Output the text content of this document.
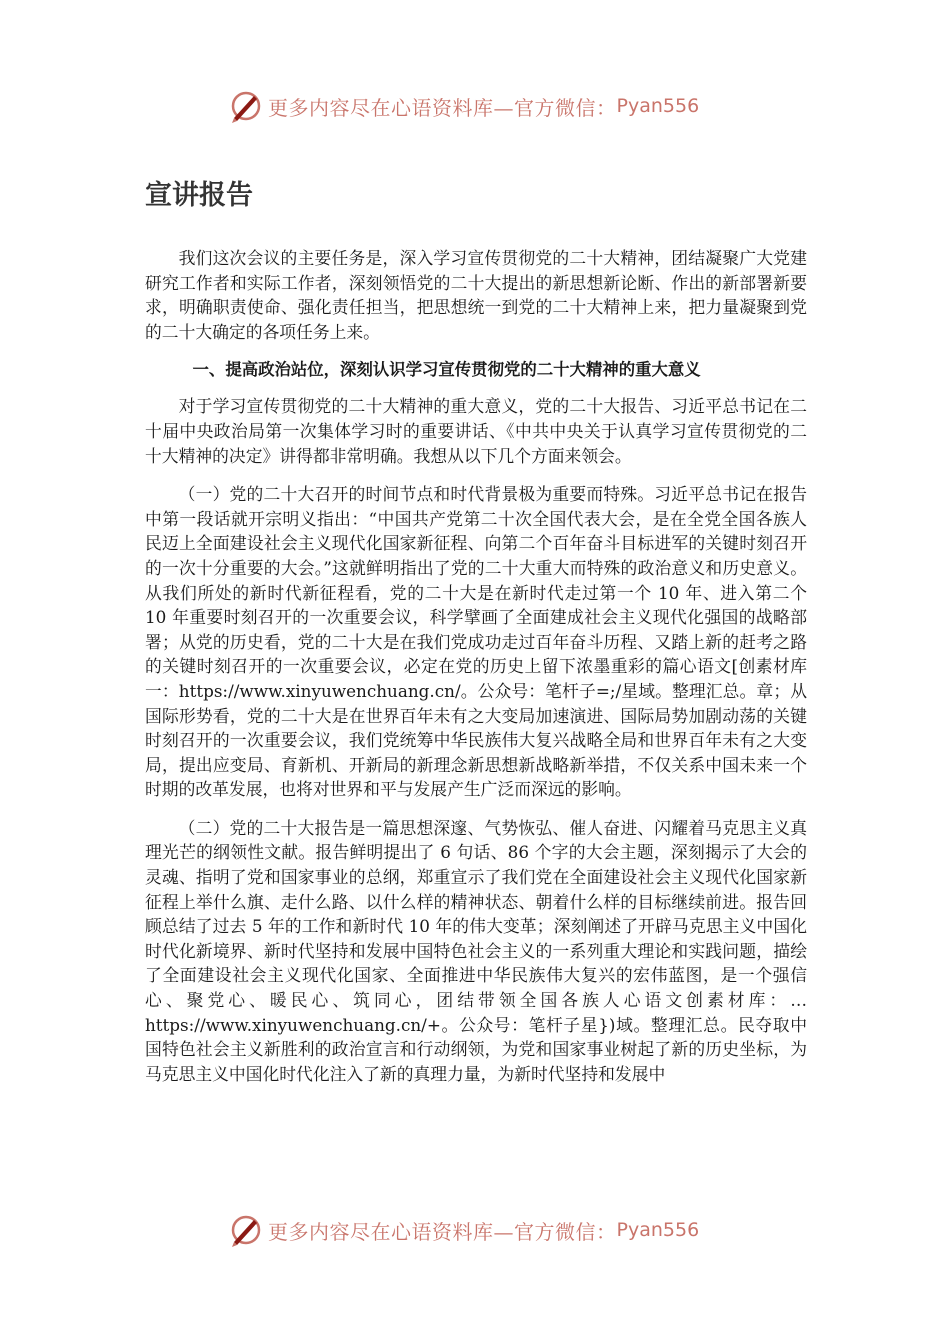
更多内容尽在心语资料库—官方微信： Pyan556
宣讲报告

我们这次会议的主要任务是，深入学习宣传贯彻党的二十大精神，团结凝聚广大党建研究工作者和实际工作者，深刻领悟党的二十大提出的新思想新论断、作出的新部署新要求，明确职责使命、强化责任担当，把思想统一到党的二十大精神上来，把力量凝聚到党的二十大确定的各项任务上来。

一、提高政治站位，深刻认识学习宣传贯彻党的二十大精神的重大意义

对于学习宣传贯彻党的二十大精神的重大意义，党的二十大报告、习近平总书记在二十届中央政治局第一次集体学习时的重要讲话、《中共中央关于认真学习宣传贯彻党的二十大精神的决定》讲得都非常明确。我想从以下几个方面来领会。

（一）党的二十大召开的时间节点和时代背景极为重要而特殊。习近平总书记在报告中第一段话就开宗明义指出：“中国共产党第二十次全国代表大会，是在全党全国各族人民迈上全面建设社会主义现代化国家新征程、向第二个百年奋斗目标进军的关键时刻召开的一次十分重要的大会。”这就鲜明指出了党的二十大重大而特殊的政治意义和历史意义。从我们所处的新时代新征程看，党的二十大是在新时代走过第一个 10 年、进入第二个 10 年重要时刻召开的一次重要会议，科学擘画了全面建成社会主义现代化强国的战略部署；从党的历史看，党的二十大是在我们党成功走过百年奋斗历程、又踏上新的赶考之路的关键时刻召开的一次重要会议，必定在党的历史上留下浓墨重彩的篇心语文[创素材库一：https://www.xinyuwenchuang.cn/。公众号：笔杆子=;/星域。整理汇总。章；从国际形势看，党的二十大是在世界百年未有之大变局加速演进、国际局势加剧动荡的关键时刻召开的一次重要会议，我们党统筹中华民族伟大复兴战略全局和世界百年未有之大变局，提出应变局、育新机、开新局的新理念新思想新战略新举措，不仅关系中国未来一个时期的改革发展，也将对世界和平与发展产生广泛而深远的影响。

（二）党的二十大报告是一篇思想深邃、气势恢弘、催人奋进、闪耀着马克思主义真理光芒的纲领性文献。报告鲜明提出了 6 句话、86 个字的大会主题，深刻揭示了大会的灵魂、指明了党和国家事业的总纲，郑重宣示了我们党在全面建设社会主义现代化国家新征程上举什么旗、走什么路、以什么样的精神状态、朝着什么样的目标继续前进。报告回顾总结了过去 5 年的工作和新时代 10 年的伟大变革；深刻阐述了开辟马克思主义中国化时代化新境界、新时代坚持和发展中国特色社会主义的一系列重大理论和实践问题，描绘了全面建设社会主义现代化国家、全面推进中华民族伟大复兴的宏伟蓝图，是一个强信心、聚党心、暖民心、筑同心，团结带领全国各族人心语文创素材库：…https://www.xinyuwenchuang.cn/+。公众号：笔杆子星})域。整理汇总。民夺取中国特色社会主义新胜利的政治宣言和行动纲领，为党和国家事业树起了新的历史坐标，为马克思主义中国化时代化注入了新的真理力量，为新时代坚持和发展中

更多内容尽在心语资料库—官方微信： Pyan556
